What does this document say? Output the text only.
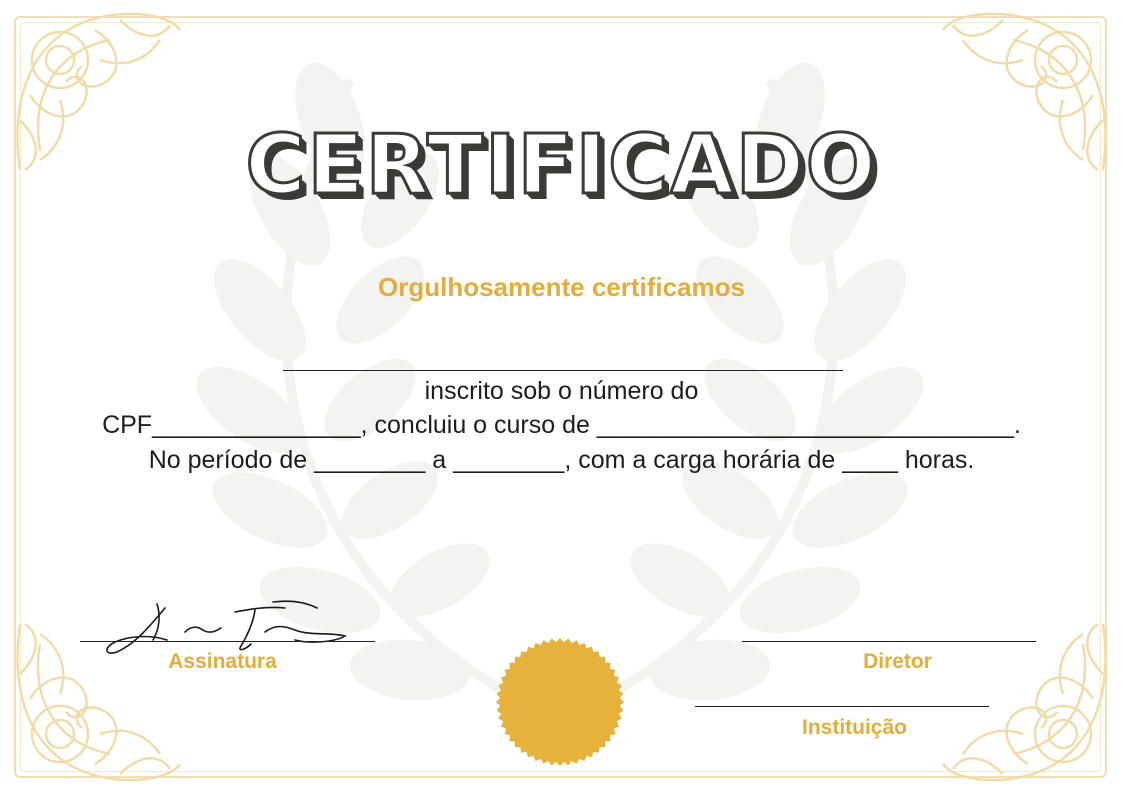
CERTIFICADO
Orgulhosamente certificamos
inscrito sob o número do
CPF_______________, concluiu o curso de ______________________________.
No período de ________ a ________, com a carga horária de ____ horas.
Assinatura	Diretor
Instituição
